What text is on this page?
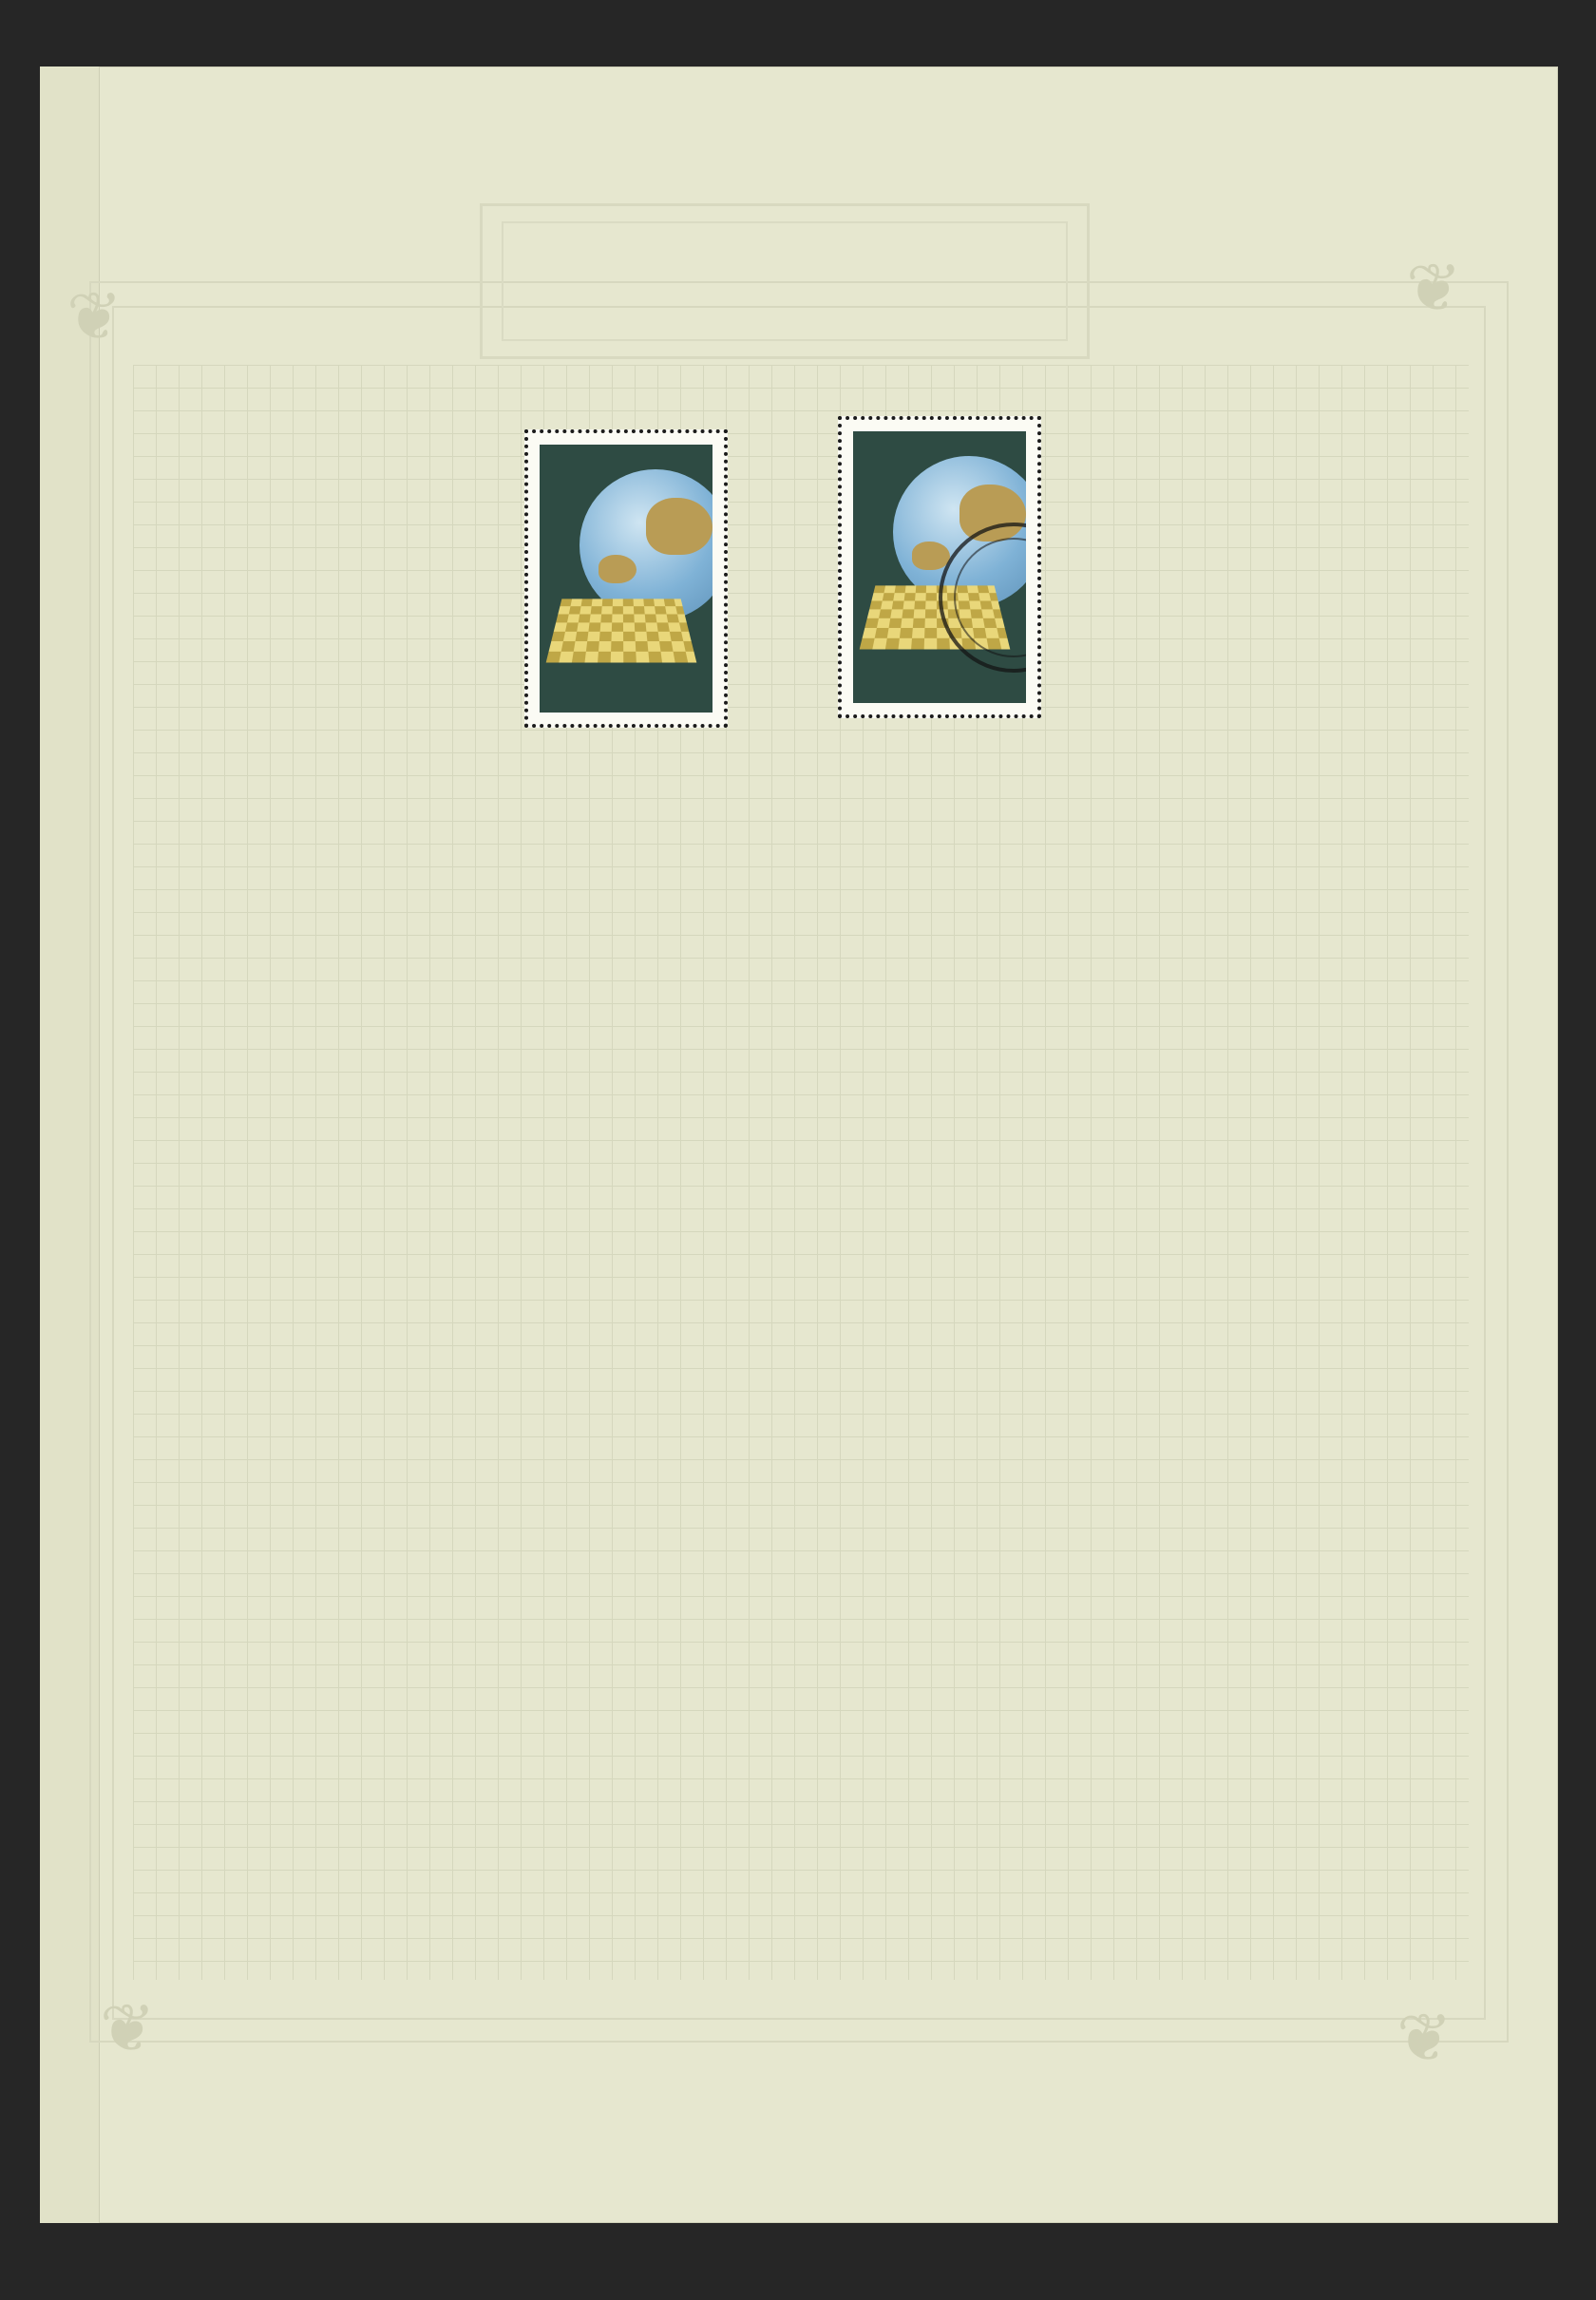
❦	❦
❦	❦
